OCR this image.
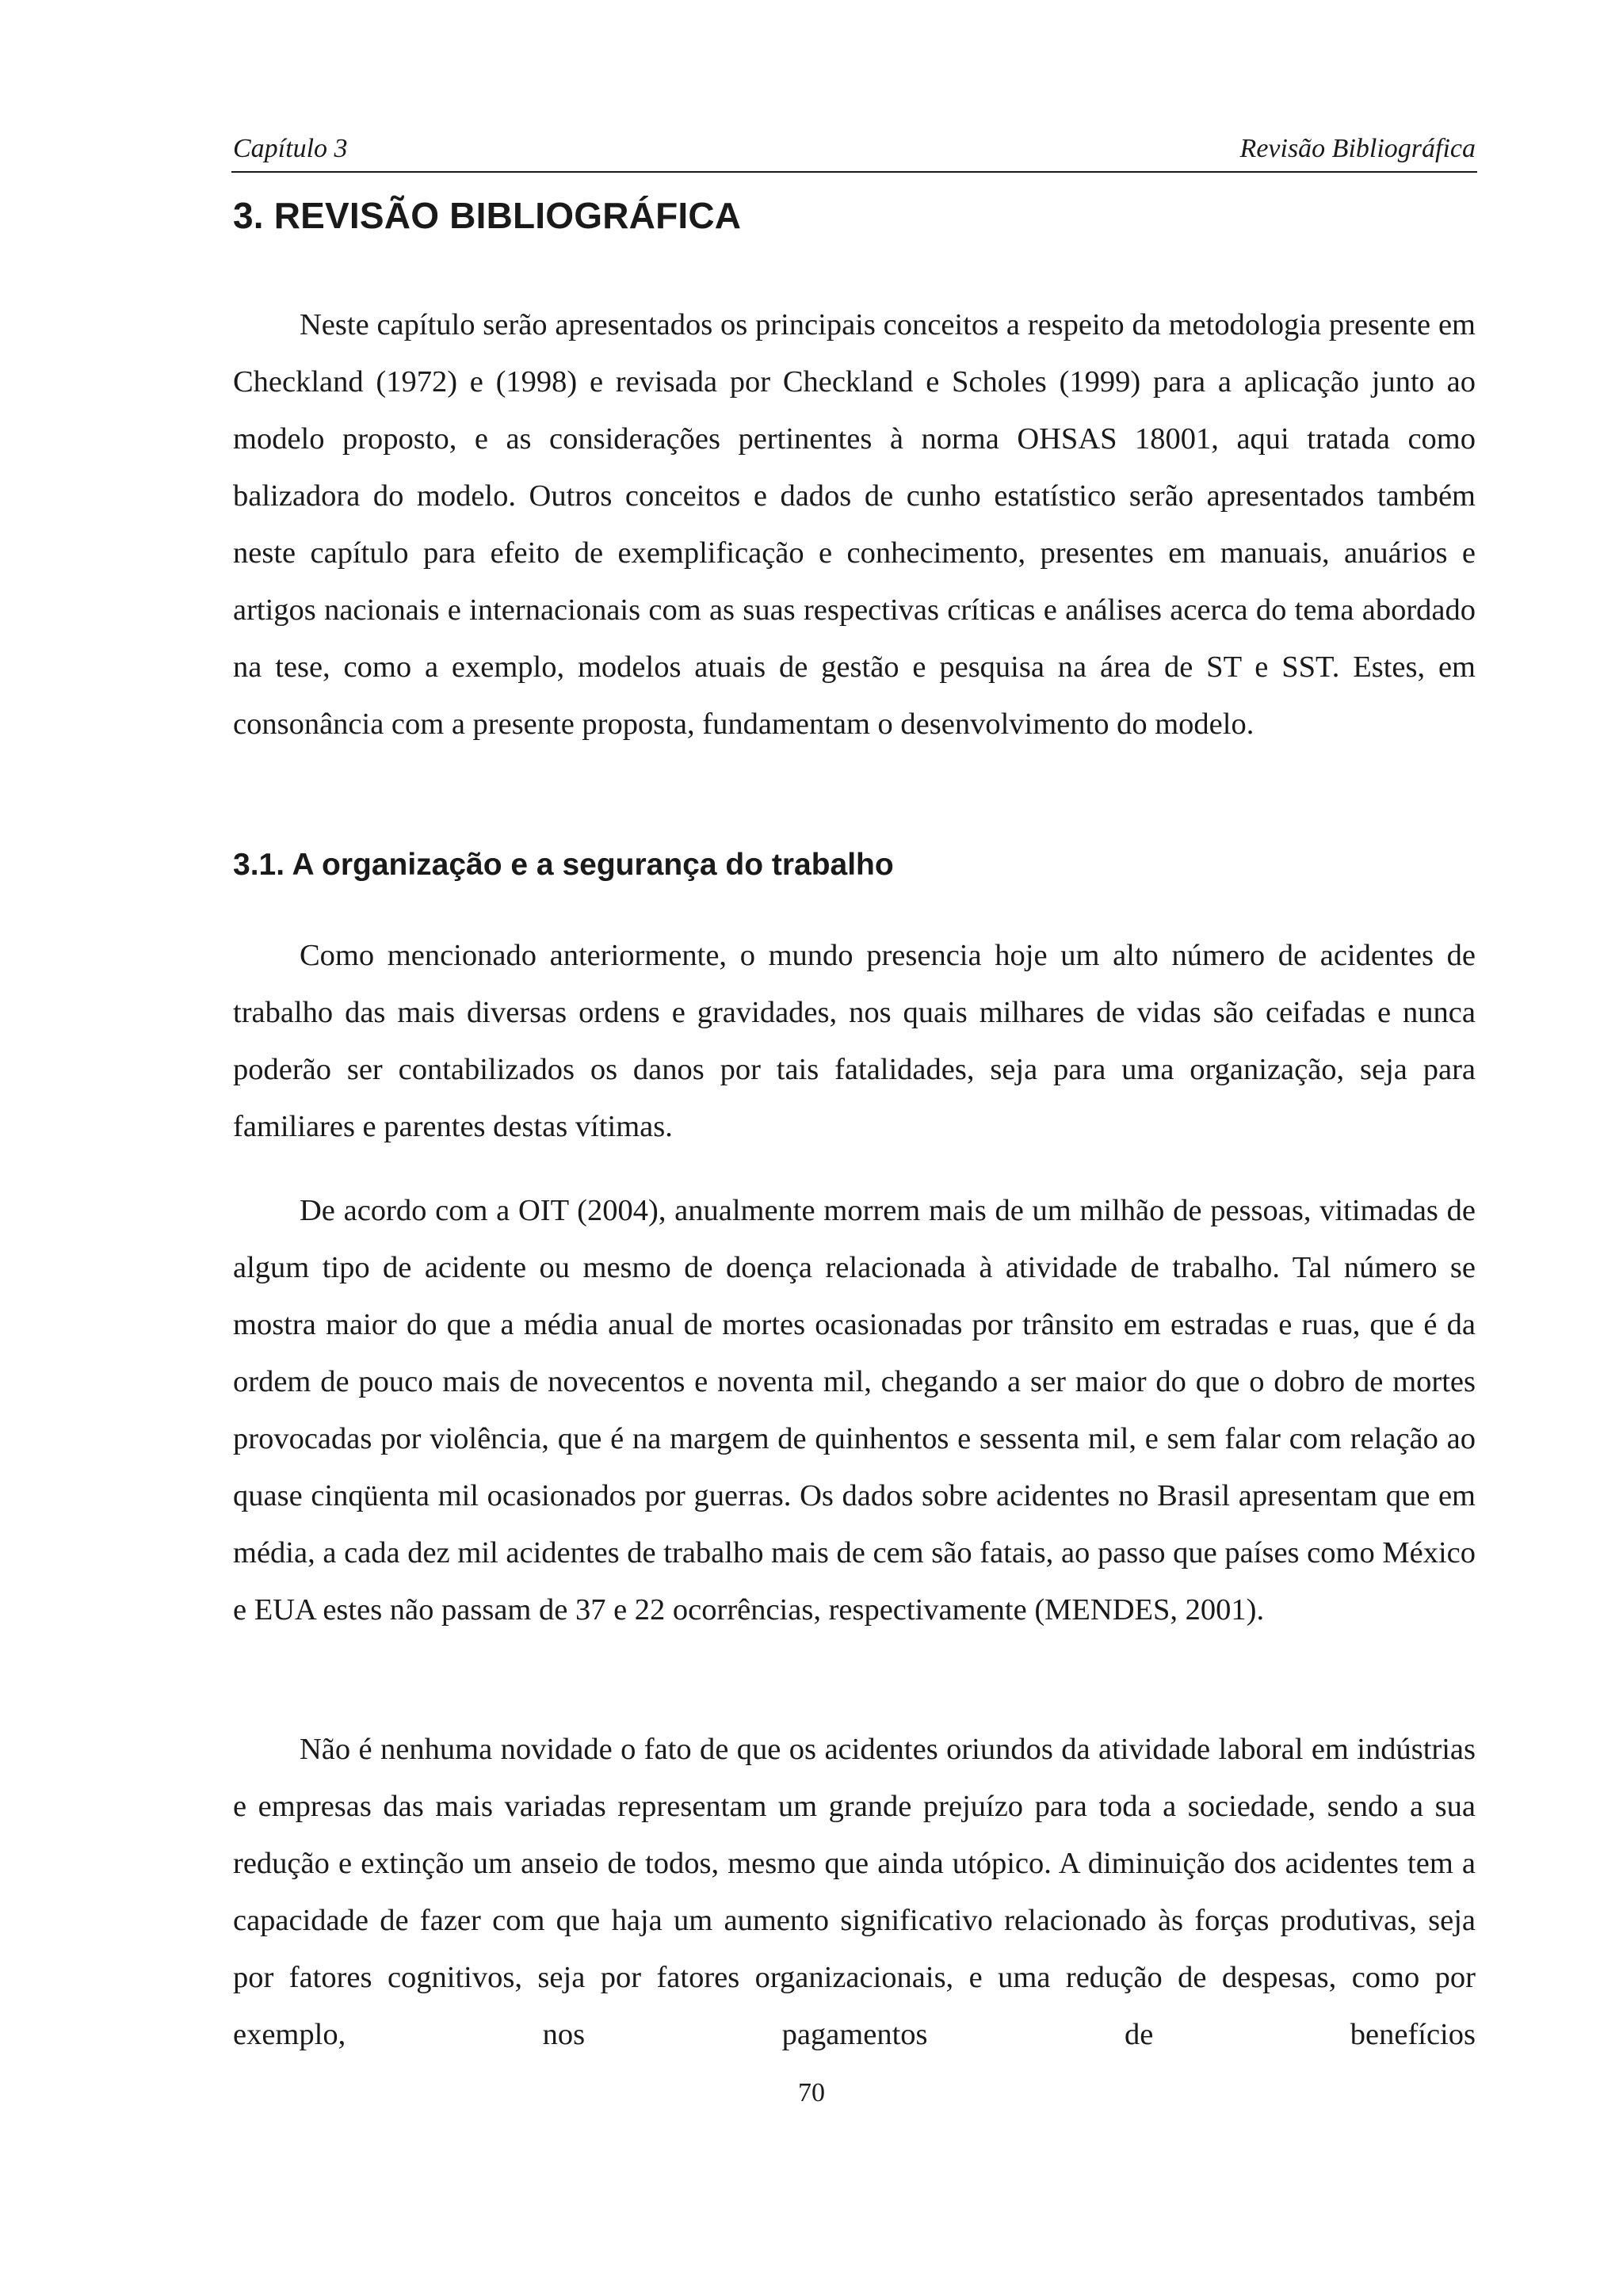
Capítulo 3	Revisão Bibliográfica
3. REVISÃO BIBLIOGRÁFICA

Neste capítulo serão apresentados os principais conceitos a respeito da metodologia presente em Checkland (1972) e (1998) e revisada por Checkland e Scholes (1999) para a aplicação junto ao modelo proposto, e as considerações pertinentes à norma OHSAS 18001, aqui tratada como balizadora do modelo. Outros conceitos e dados de cunho estatístico serão apresentados também neste capítulo para efeito de exemplificação e conhecimento, presentes em manuais, anuários e artigos nacionais e internacionais com as suas respectivas críticas e análises acerca do tema abordado na tese, como a exemplo, modelos atuais de gestão e pesquisa na área de ST e SST. Estes, em consonância com a presente proposta, fundamentam o desenvolvimento do modelo.

3.1. A organização e a segurança do trabalho

Como mencionado anteriormente, o mundo presencia hoje um alto número de acidentes de trabalho das mais diversas ordens e gravidades, nos quais milhares de vidas são ceifadas e nunca poderão ser contabilizados os danos por tais fatalidades, seja para uma organização, seja para familiares e parentes destas vítimas.

De acordo com a OIT (2004), anualmente morrem mais de um milhão de pessoas, vitimadas de algum tipo de acidente ou mesmo de doença relacionada à atividade de trabalho. Tal número se mostra maior do que a média anual de mortes ocasionadas por trânsito em estradas e ruas, que é da ordem de pouco mais de novecentos e noventa mil, chegando a ser maior do que o dobro de mortes provocadas por violência, que é na margem de quinhentos e sessenta mil, e sem falar com relação ao quase cinqüenta mil ocasionados por guerras. Os dados sobre acidentes no Brasil apresentam que em média, a cada dez mil acidentes de trabalho mais de cem são fatais, ao passo que países como México e EUA estes não passam de 37 e 22 ocorrências, respectivamente (MENDES, 2001).

Não é nenhuma novidade o fato de que os acidentes oriundos da atividade laboral em indústrias e empresas das mais variadas representam um grande prejuízo para toda a sociedade, sendo a sua redução e extinção um anseio de todos, mesmo que ainda utópico. A diminuição dos acidentes tem a capacidade de fazer com que haja um aumento significativo relacionado às forças produtivas, seja por fatores cognitivos, seja por fatores organizacionais, e uma redução de despesas, como por exemplo, nos pagamentos de benefícios

70
